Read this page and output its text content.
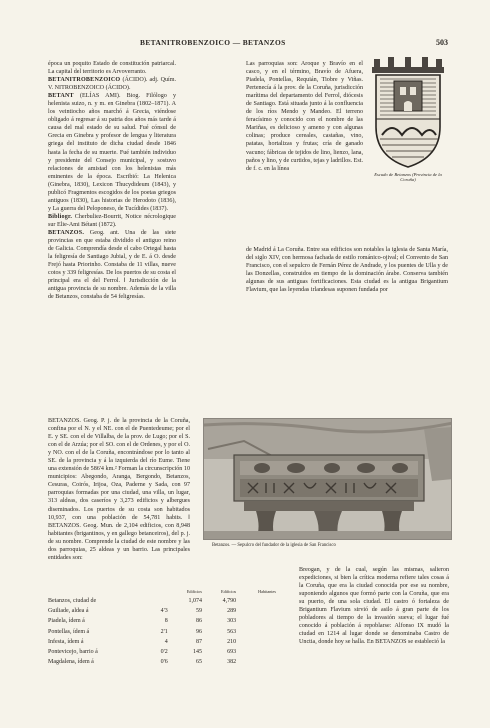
BETANITROBENZOICO — BETANZOS	503

época un poquito Estado de constitución patriarcal. La capital del territorio es Arvoverranto.

BETANITROBENZOICO (ÁCIDO). adj. Quím. V. NITROBENZOICO (ÁCIDO).

BETANT (ELÍAS AMI). Biog. Filólogo y helenista suizo, n. y m. en Ginebra (1802–1871). A los veintiocho años marchó á Grecia, viéndose obligado á regresar á su patria dos años más tarde á causa del mal estado de su salud. Fué cónsul de Grecia en Ginebra y profesor de lengua y literatura griega del instituto de dicha ciudad desde 1846 hasta la fecha de su muerte. Fué también individuo y presidente del Consejo municipal, y sostuvo relaciones de amistad con los helenistas más eminentes de la época. Escribió: La Helenica (Ginebra, 1830), Lexicon Thucydideum (1843), y publicó Fragmentos escogidos de los poetas griegos antiguos (1830), Las historias de Herodoto (1836), y La guerra del Peloponeso, de Tucídides (1837).

Bibliogr. Cherbuliez-Bourrit, Notice nécrologique sur Elie-Ami Bétant (1872).

BETANZOS. Geog. ant. Una de las siete provincias en que estaba dividido el antiguo reino de Galicia. Comprendía desde el cabo Ortegal hasta la feligresía de Santiago Jubial, y de E. á O. desde Frejó hasta Priorinho. Constaba de 11 villas, nueve cotos y 339 feligresías. De los puertos de su costa el principal era el del Ferrol. ‖ Jurisdicción de la antigua provincia de su nombre. Además de la villa de Betanzos, constaba de 54 feligresías.

Las parroquias son: Aroque y Bravío en el casco, y en el término, Bravío de Afuera, Piadela, Pontellas, Requián, Tiobre y Viñas. Pertenecía á la prov. de la Coruña, jurisdicción marítima del departamento del Ferrol, diócesis de Santiago. Está situada junto á la confluencia de los ríos Mendo y Mandeo. El terreno feracísimo y conocido con el nombre de las Mariñas, es delicioso y ameno y con algunas colinas; produce cereales, castañas, vino, patatas, hortalizas y frutas; cría de ganado vacuno; fábricas de tejidos de lino, lienzo, lana, paños y lino, y de curtidos, tejas y ladrillos. Est. de f. c. en la línea

Escudo de Betanzos (Provincia de la Coruña)

de Madrid á La Coruña. Entre sus edificios son notables la iglesia de Santa María, del siglo XIV, con hermosa fachada de estilo románico-ojival; el Convento de San Francisco, con el sepulcro de Fernán Pérez de Andrade, y los puentes de Ulla y de las Donzellas, construidos en tiempo de la dominación árabe. Conserva también algunas de sus antiguas fortificaciones. Esta ciudad es la antigua Brigantium Flavium, que las leyendas irlandesas suponen fundada por

BETANZOS. Geog. P. j. de la provincia de la Coruña, confina por el N. y el NE. con el de Puentedeume; por el E. y SE. con el de Villalba, de la prov. de Lugo; por el S. con el de Arzúa; por el SO. con el de Ordenes, y por el O. y NO. con el de la Coruña, encontrándose por lo tanto al SE. de la provincia y á la izquierda del río Eume. Tiene una extensión de 586'4 km.² Forman la circunscripción 10 municipios: Abegondo, Aranga, Bergondo, Betanzos, Cesuras, Coirós, Irijoa, Oza, Paderne y Sada, con 97 parroquias formadas por una ciudad, una villa, un lugar, 313 aldeas, dos caseríos y 3,273 edificios y albergues diseminados. Los puertos de su costa son habitados 10,937, con una población de 54,781 habits. ‖ BETANZOS. Geog. Mun. de 2,104 edificios, con 8,948 habitantes (brigantinos, y en gallego betanceiros), del p. j. de su nombre. Comprende la ciudad de este nombre y las dos parroquias, 25 aldeas y un barrio. Las principales entidades son:

Betanzos. — Sepulcro del fundador de la iglesia de San Francisco
		Edificios	Edificios	Habitantes
Betanzos, ciudad de		1,074	4,790	
Guiliade, aldea á	4'3	59	289	
Piadela, ídem á	8	86	303	
Pontellas, ídem á	2'1	96	563	
Infesta, ídem á	4	87	210	
Pontevicejo, barrio á	0'2	145	693	
Magdalena, ídem á	0'6	65	382	

Breogan, y de la cual, según las mismas, salieron expediciones, si bien la crítica moderna refiere tales cosas á la Coruña, que era la ciudad conocida por ese su nombre, suponiendo algunos que formó parte con la Coruña, que era su puerto, de una sola ciudad. El castro ó fortaleza de Brigantium Flavium sirvió de asilo á gran parte de los pobladores al tiempo de la invasión sueva; el lugar fué conocido á población á repoblarse: Alfonso IX mudó la ciudad en 1214 al lugar donde se denominaba Castro de Unctia, donde hoy se halla. En BETANZOS se estableció la
